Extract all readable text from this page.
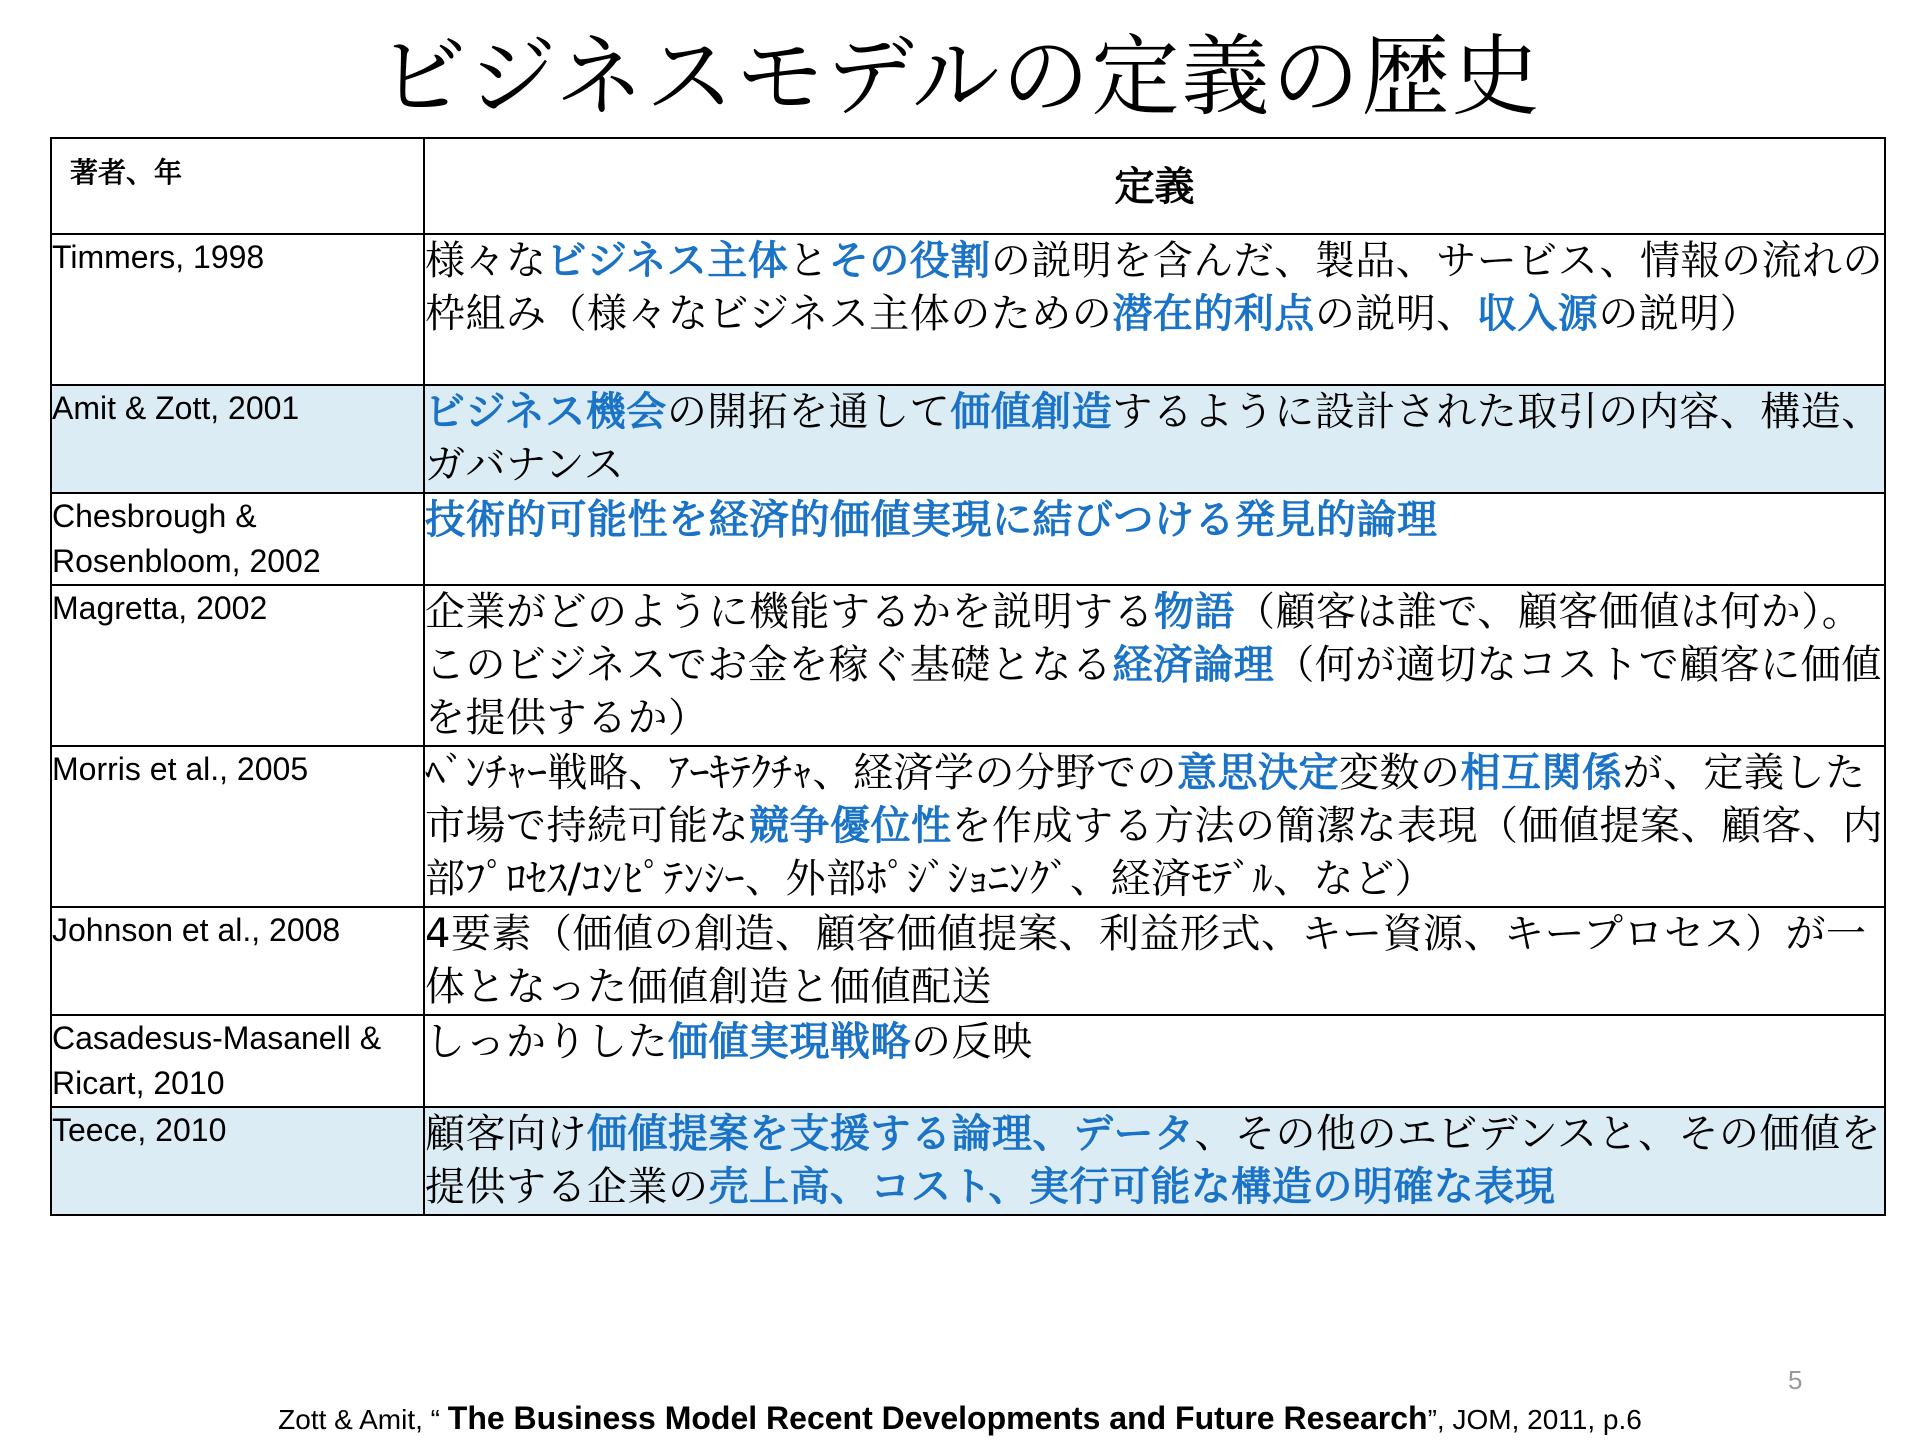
ビジネスモデルの定義の歴史
著者、年	定義
Timmers, 1998	様々なビジネス主体とその役割の説明を含んだ、製品、サービス、情報の流れの枠組み（様々なビジネス主体のための潜在的利点の説明、収入源の説明）
Amit & Zott, 2001	ビジネス機会の開拓を通して価値創造するように設計された取引の内容、構造、ガバナンス
Chesbrough & Rosenbloom, 2002	技術的可能性を経済的価値実現に結びつける発見的論理
Magretta, 2002	企業がどのように機能するかを説明する物語（顧客は誰で、顧客価値は何か）。このビジネスでお金を稼ぐ基礎となる経済論理（何が適切なコストで顧客に価値を提供するか）
Morris et al., 2005	ﾍﾞﾝﾁｬｰ戦略、ｱｰｷﾃｸﾁｬ、経済学の分野での意思決定変数の相互関係が、定義した市場で持続可能な競争優位性を作成する方法の簡潔な表現（価値提案、顧客、内部ﾌﾟﾛｾｽ/ｺﾝﾋﾟﾃﾝｼｰ、外部ﾎﾟｼﾞｼｮﾆﾝｸﾞ、経済ﾓﾃﾞﾙ、など）
Johnson et al., 2008	4要素（価値の創造、顧客価値提案、利益形式、キー資源、キープロセス）が一体となった価値創造と価値配送
Casadesus-Masanell & Ricart, 2010	しっかりした価値実現戦略の反映
Teece, 2010	顧客向け価値提案を支援する論理、データ、その他のエビデンスと、その価値を提供する企業の売上高、コスト、実行可能な構造の明確な表現
5
Zott & Amit, “ The Business Model Recent Developments and Future Research”, JOM, 2011, p.6
